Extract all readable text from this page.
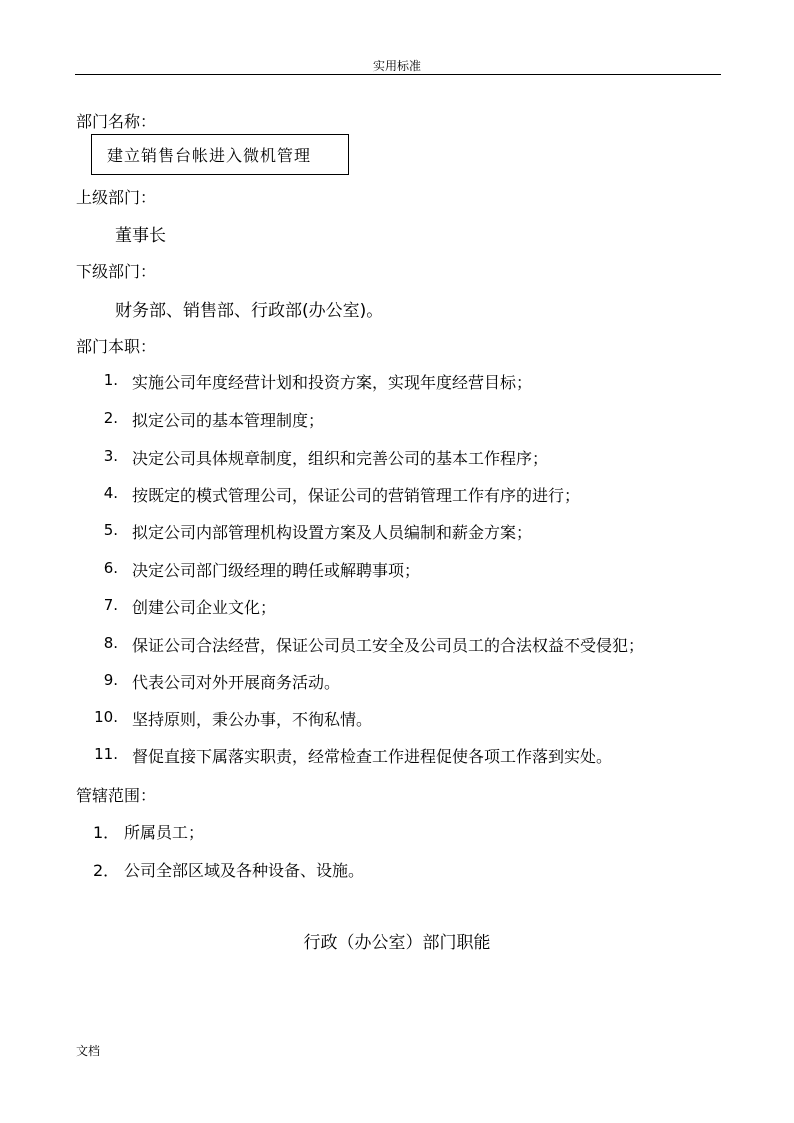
实用标准
部门名称：
建立销售台帐进入微机管理
上级部门：
董事长
下级部门：
财务部、销售部、行政部(办公室)。
部门本职：
1. 实施公司年度经营计划和投资方案，实现年度经营目标；
2. 拟定公司的基本管理制度；
3. 决定公司具体规章制度，组织和完善公司的基本工作程序；
4. 按既定的模式管理公司，保证公司的营销管理工作有序的进行；
5. 拟定公司内部管理机构设置方案及人员编制和薪金方案；
6. 决定公司部门级经理的聘任或解聘事项；
7. 创建公司企业文化；
8. 保证公司合法经营，保证公司员工安全及公司员工的合法权益不受侵犯；
9. 代表公司对外开展商务活动。
10. 坚持原则，秉公办事，不徇私情。
11. 督促直接下属落实职责，经常检查工作进程促使各项工作落到实处。
管辖范围：
1． 所属员工；
2． 公司全部区域及各种设备、设施。
行政（办公室）部门职能
文档
